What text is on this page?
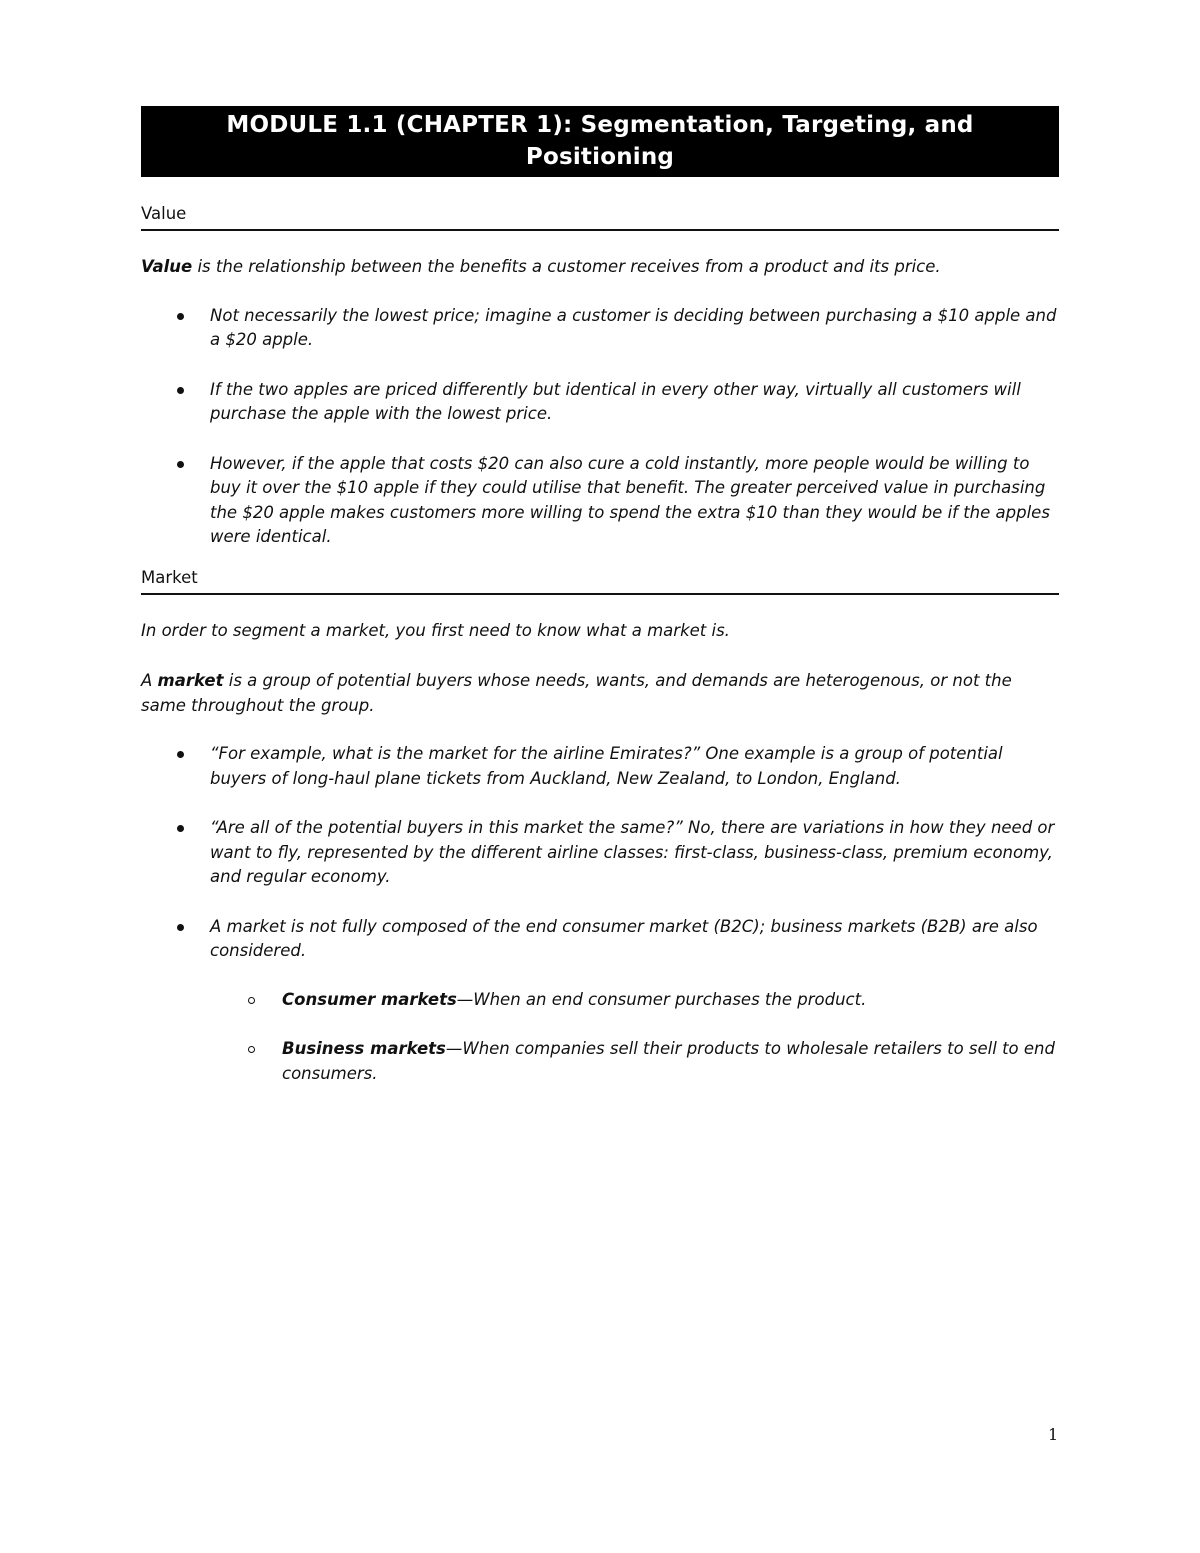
MODULE 1.1 (CHAPTER 1): Segmentation, Targeting, and Positioning
Value

Value is the relationship between the benefits a customer receives from a product and its price.

Not necessarily the lowest price; imagine a customer is deciding between purchasing a $10 apple and a $20 apple.
If the two apples are priced differently but identical in every other way, virtually all customers will purchase the apple with the lowest price.
However, if the apple that costs $20 can also cure a cold instantly, more people would be willing to buy it over the $10 apple if they could utilise that benefit. The greater perceived value in purchasing the $20 apple makes customers more willing to spend the extra $10 than they would be if the apples were identical.
Market

In order to segment a market, you first need to know what a market is.

A market is a group of potential buyers whose needs, wants, and demands are heterogenous, or not the same throughout the group.

“For example, what is the market for the airline Emirates?” One example is a group of potential buyers of long-haul plane tickets from Auckland, New Zealand, to London, England.
“Are all of the potential buyers in this market the same?” No, there are variations in how they need or want to fly, represented by the different airline classes: first-class, business-class, premium economy, and regular economy.
A market is not fully composed of the end consumer market (B2C); business markets (B2B) are also considered.
Consumer markets—When an end consumer purchases the product.
Business markets—When companies sell their products to wholesale retailers to sell to end consumers.
1
